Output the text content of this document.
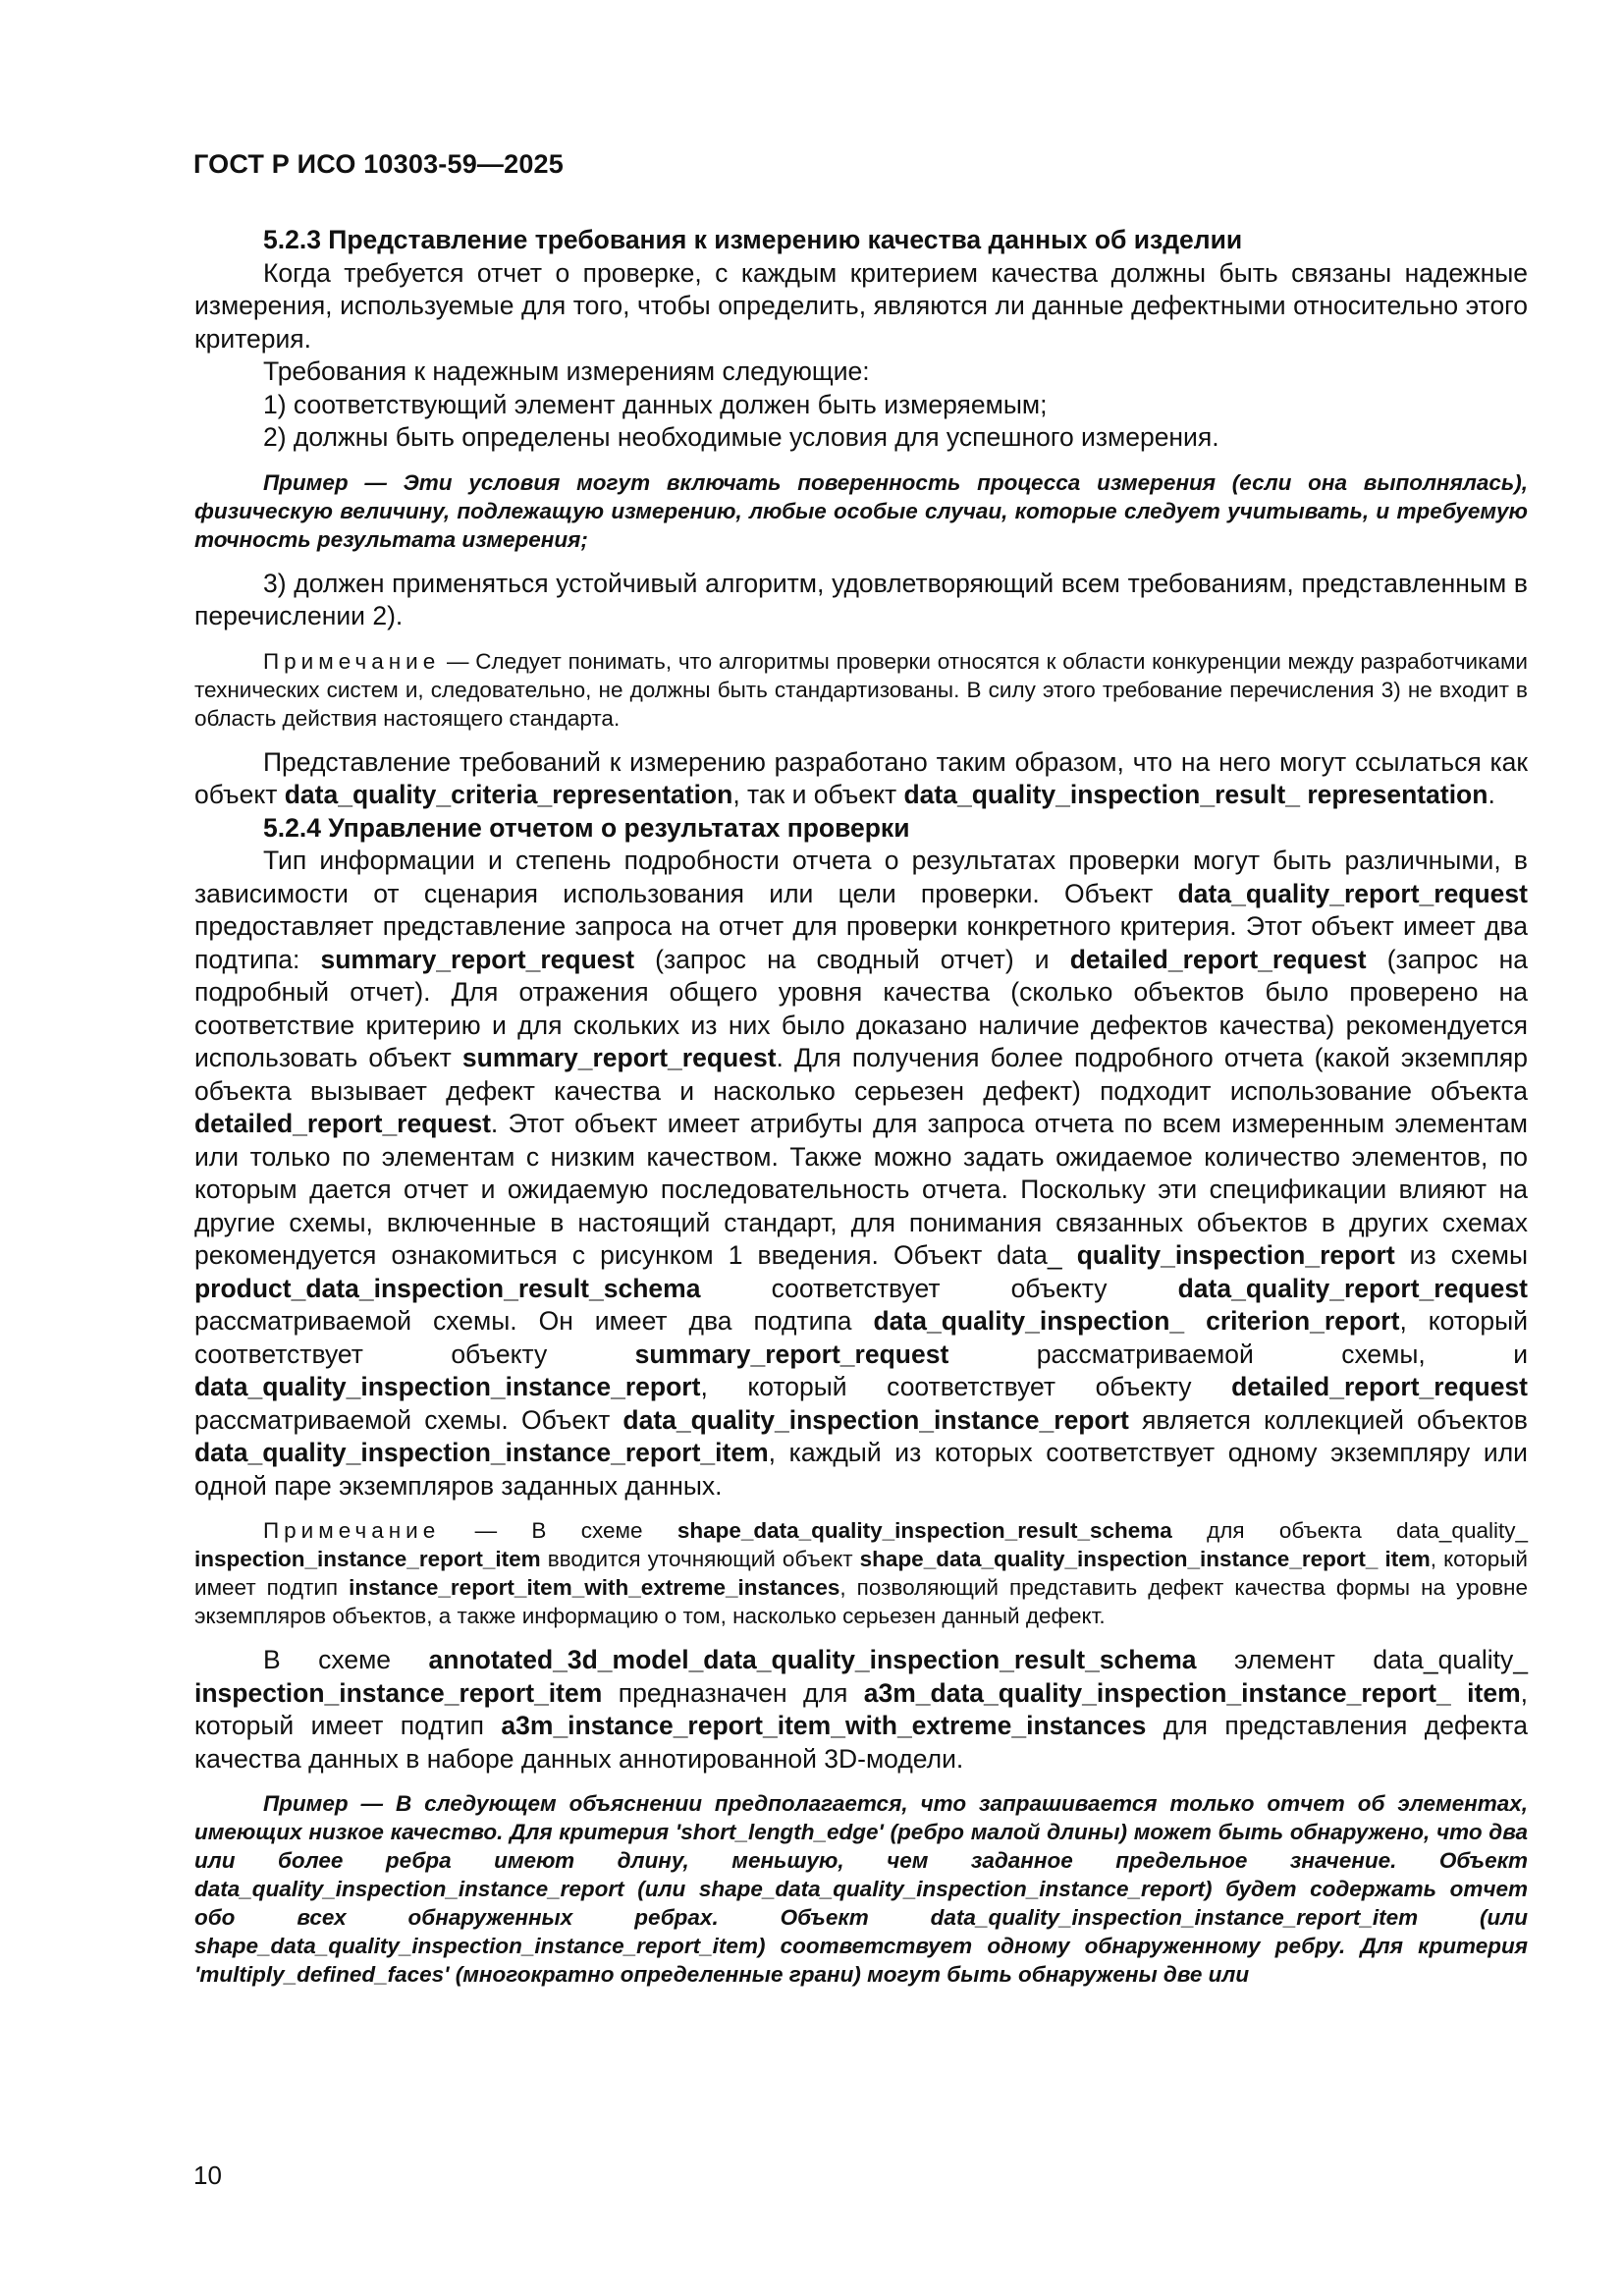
ГОСТ Р ИСО 10303-59—2025

5.2.3 Представление требования к измерению качества данных об изделии

Когда требуется отчет о проверке, с каждым критерием качества должны быть связаны надежные измерения, используемые для того, чтобы определить, являются ли данные дефектными относительно этого критерия.

Требования к надежным измерениям следующие:

1) соответствующий элемент данных должен быть измеряемым;

2) должны быть определены необходимые условия для успешного измерения.

Пример — Эти условия могут включать поверенность процесса измерения (если она выполнялась), физическую величину, подлежащую измерению, любые особые случаи, которые следует учитывать, и требуемую точность результата измерения;

3) должен применяться устойчивый алгоритм, удовлетворяющий всем требованиям, представленным в перечислении 2).

Примечание — Следует понимать, что алгоритмы проверки относятся к области конкуренции между разработчиками технических систем и, следовательно, не должны быть стандартизованы. В силу этого требование перечисления 3) не входит в область действия настоящего стандарта.

Представление требований к измерению разработано таким образом, что на него могут ссылаться как объект data_quality_criteria_representation, так и объект data_quality_inspection_result_ representation.

5.2.4 Управление отчетом о результатах проверки

Тип информации и степень подробности отчета о результатах проверки могут быть различными, в зависимости от сценария использования или цели проверки. Объект data_quality_report_request предоставляет представление запроса на отчет для проверки конкретного критерия. Этот объект имеет два подтипа: summary_report_request (запрос на сводный отчет) и detailed_report_request (запрос на подробный отчет). Для отражения общего уровня качества (сколько объектов было проверено на соответствие критерию и для скольких из них было доказано наличие дефектов качества) рекомендуется использовать объект summary_report_request. Для получения более подробного отчета (какой экземпляр объекта вызывает дефект качества и насколько серьезен дефект) подходит использование объекта detailed_report_request. Этот объект имеет атрибуты для запроса отчета по всем измеренным элементам или только по элементам с низким качеством. Также можно задать ожидаемое количество элементов, по которым дается отчет и ожидаемую последовательность отчета. Поскольку эти спецификации влияют на другие схемы, включенные в настоящий стандарт, для понимания связанных объектов в других схемах рекомендуется ознакомиться с рисунком 1 введения. Объект data_ quality_inspection_report из схемы product_data_inspection_result_schema соответствует объекту data_quality_report_request рассматриваемой схемы. Он имеет два подтипа data_quality_inspection_ criterion_report, который соответствует объекту summary_report_request рассматриваемой схемы, и data_quality_inspection_instance_report, который соответствует объекту detailed_report_request рассматриваемой схемы. Объект data_quality_inspection_instance_report является коллекцией объектов data_quality_inspection_instance_report_item, каждый из которых соответствует одному экземпляру или одной паре экземпляров заданных данных.

Примечание — В схеме shape_data_quality_inspection_result_schema для объекта data_quality_ inspection_instance_report_item вводится уточняющий объект shape_data_quality_inspection_instance_report_ item, который имеет подтип instance_report_item_with_extreme_instances, позволяющий представить дефект качества формы на уровне экземпляров объектов, а также информацию о том, насколько серьезен данный дефект.

В схеме annotated_3d_model_data_quality_inspection_result_schema элемент data_quality_ inspection_instance_report_item предназначен для a3m_data_quality_inspection_instance_report_ item, который имеет подтип a3m_instance_report_item_with_extreme_instances для представления дефекта качества данных в наборе данных аннотированной 3D-модели.

Пример — В следующем объяснении предполагается, что запрашивается только отчет об элементах, имеющих низкое качество. Для критерия 'short_length_edge' (ребро малой длины) может быть обнаружено, что два или более ребра имеют длину, меньшую, чем заданное предельное значение. Объект data_quality_inspection_instance_report (или shape_data_quality_inspection_instance_report) будет содержать отчет обо всех обнаруженных ребрах. Объект data_quality_inspection_instance_report_item (или shape_data_quality_inspection_instance_report_item) соответствует одному обнаруженному ребру. Для критерия 'multiply_defined_faces' (многократно определенные грани) могут быть обнаружены две или

10
